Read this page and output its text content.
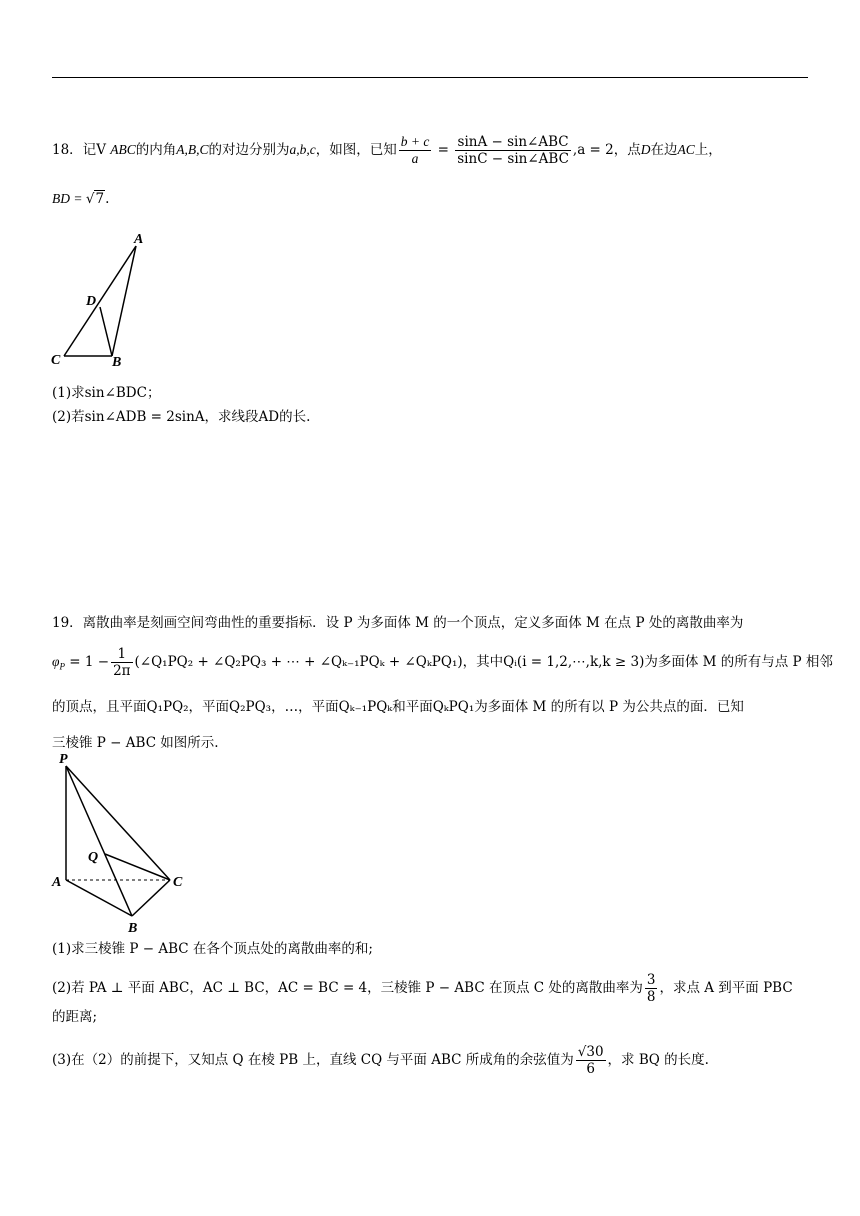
18．记V ABC的内角A,B,C的对边分别为a,b,c，如图，已知 $\frac{b + c}{a} = \frac{\text{sinA − sin∠ABC}}{\text{sinC − sin∠ABC}} ,a = 2$，点D在边AC上，
BD = √7.
A
D
C	B
(1)求sin∠BDC；
(2)若sin∠ADB = 2sinA，求线段AD的长.
19．离散曲率是刻画空间弯曲性的重要指标．设 P 为多面体 M 的一个顶点，定义多面体 M 在点 P 处的离散曲率为
$\varphi_P = 1 - \frac{1}{2\pi}$ (∠Q₁PQ₂ + ∠Q₂PQ₃ + ⋯ + ∠Qₖ₋₁PQₖ + ∠QₖPQ₁)，其中Qᵢ(i = 1,2,⋯,k,k ≥ 3)为多面体 M 的所有与点 P 相邻
的顶点，且平面Q₁PQ₂，平面Q₂PQ₃，…，平面Qₖ₋₁PQₖ和平面QₖPQ₁为多面体 M 的所有以 P 为公共点的面．已知
三棱锥 P − ABC 如图所示.
P
Q
A	C
B
(1)求三棱锥 P − ABC 在各个顶点处的离散曲率的和;
(2)若 PA ⊥ 平面 ABC，AC ⊥ BC，AC = BC = 4，三棱锥 P − ABC 在顶点 C 处的离散曲率为 $\frac{3}{8}$ ，求点 A 到平面 PBC
的距离;
(3)在（2）的前提下，又知点 Q 在棱 PB 上，直线 CQ 与平面 ABC 所成角的余弦值为 $\frac{√30}{6}$ ，求 BQ 的长度.
